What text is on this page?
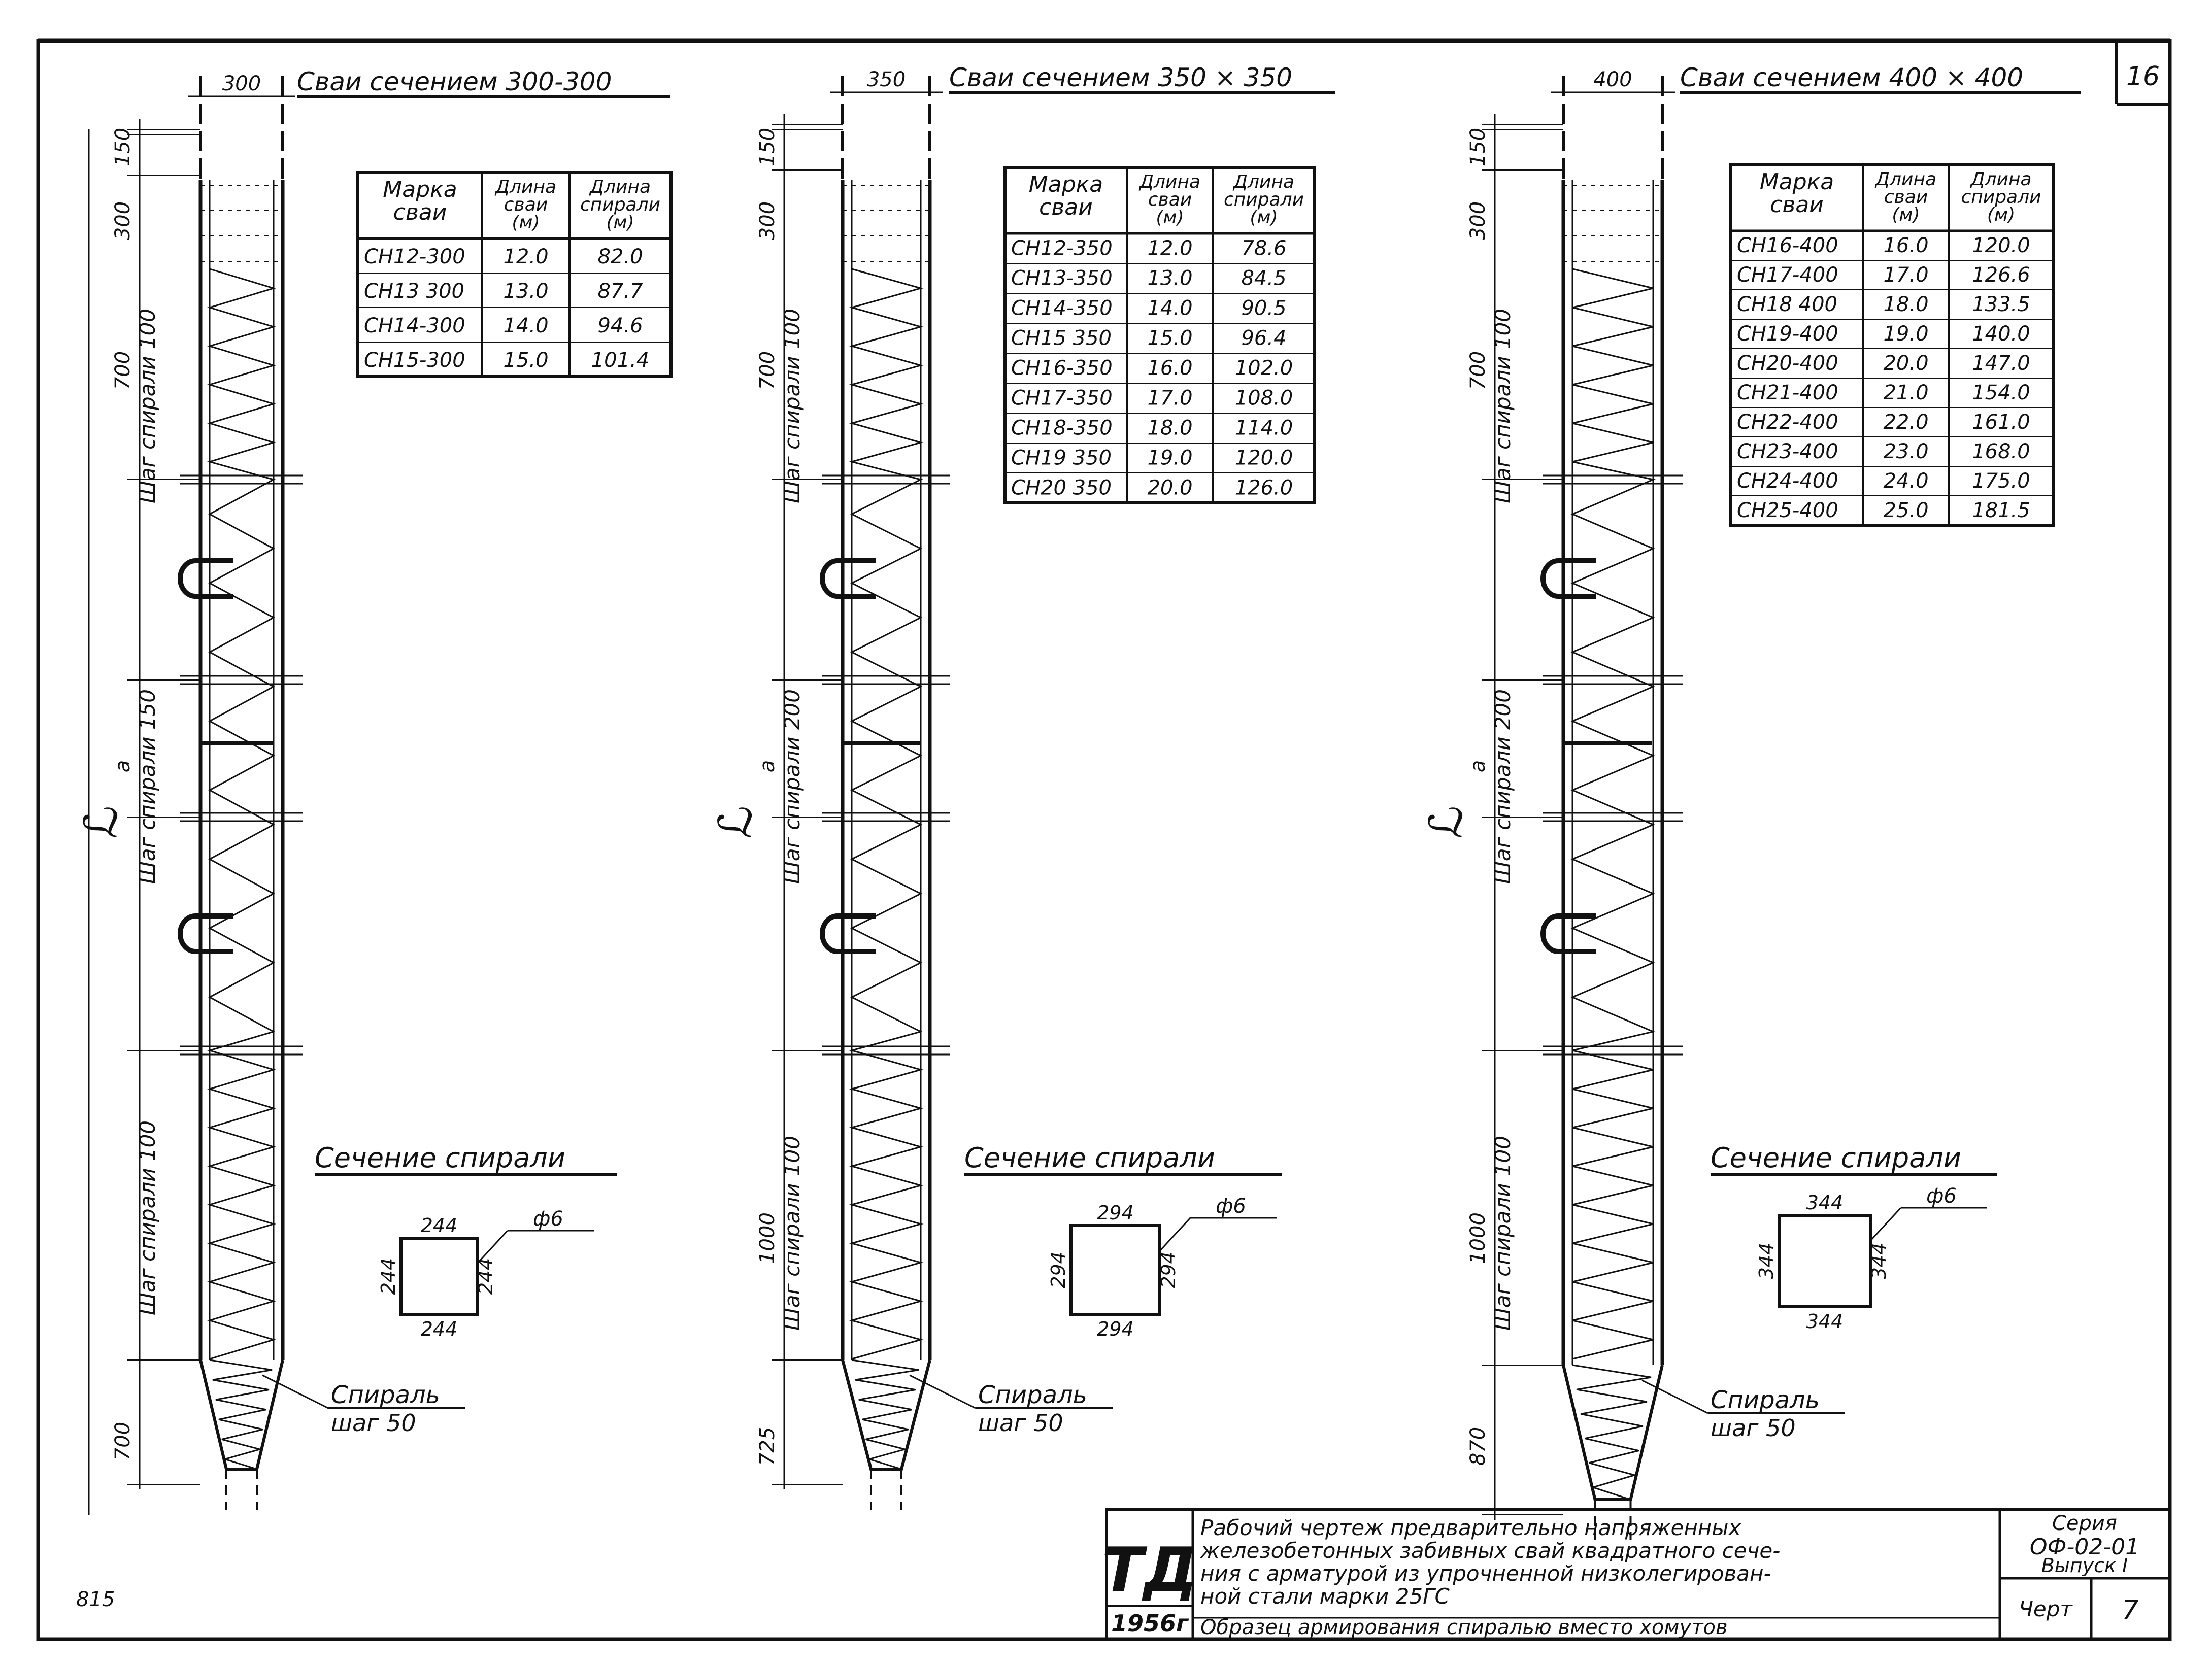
16
815
Сваи сечением 300-300
300
150
300
700 Шаг спирали 100
a Шаг спирали 150
Шаг спирали 100
700
ℒ
Марка
сваи
Длина
сваи
(м)
Длина
спирали
(м)
СН12-300 12.0 82.0
СН13 300 13.0 87.7
СН14-300 14.0 94.6
СН15-300 15.0 101.4
Сечение спирали
244
244
244	244
ф6
Спираль
шаг 50
Сваи сечением 350 × 350
350
150
300
700 Шаг спирали 100
a Шаг спирали 200
1000 Шаг спирали 100
725
ℒ
Марка
сваи
Длина
сваи
(м)
Длина
спирали
(м)
СН12-350 12.0 78.6
СН13-350 13.0 84.5
СН14-350 14.0 90.5
СН15 350 15.0 96.4
СН16-350 16.0 102.0
СН17-350 17.0 108.0
СН18-350 18.0 114.0
СН19 350 19.0 120.0
СН20 350 20.0 126.0
Сечение спирали
294
294
294	294
ф6
Спираль
шаг 50
Сваи сечением 400 × 400
400
150
300
700 Шаг спирали 100
a Шаг спирали 200
1000 Шаг спирали 100
870
ℒ
Марка
сваи
Длина
сваи
(м)
Длина
спирали
(м)
СН16-400 16.0 120.0
СН17-400 17.0 126.6
СН18 400 18.0 133.5
СН19-400 19.0 140.0
СН20-400 20.0 147.0
СН21-400 21.0 154.0
СН22-400 22.0 161.0
СН23-400 23.0 168.0
СН24-400 24.0 175.0
СН25-400 25.0 181.5
Сечение спирали
344
344
344	344
ф6
Спираль
шаг 50
ТД
1956г
Рабочий чертеж предварительно напряженных
железобетонных забивных свай квадратного сече-
ния с арматурой из упрочненной низколегирован-
ной стали марки 25ГС
Образец армирования спиралью вместо хомутов
Серия
ОФ-02-01
Выпуск I
Черт 7
